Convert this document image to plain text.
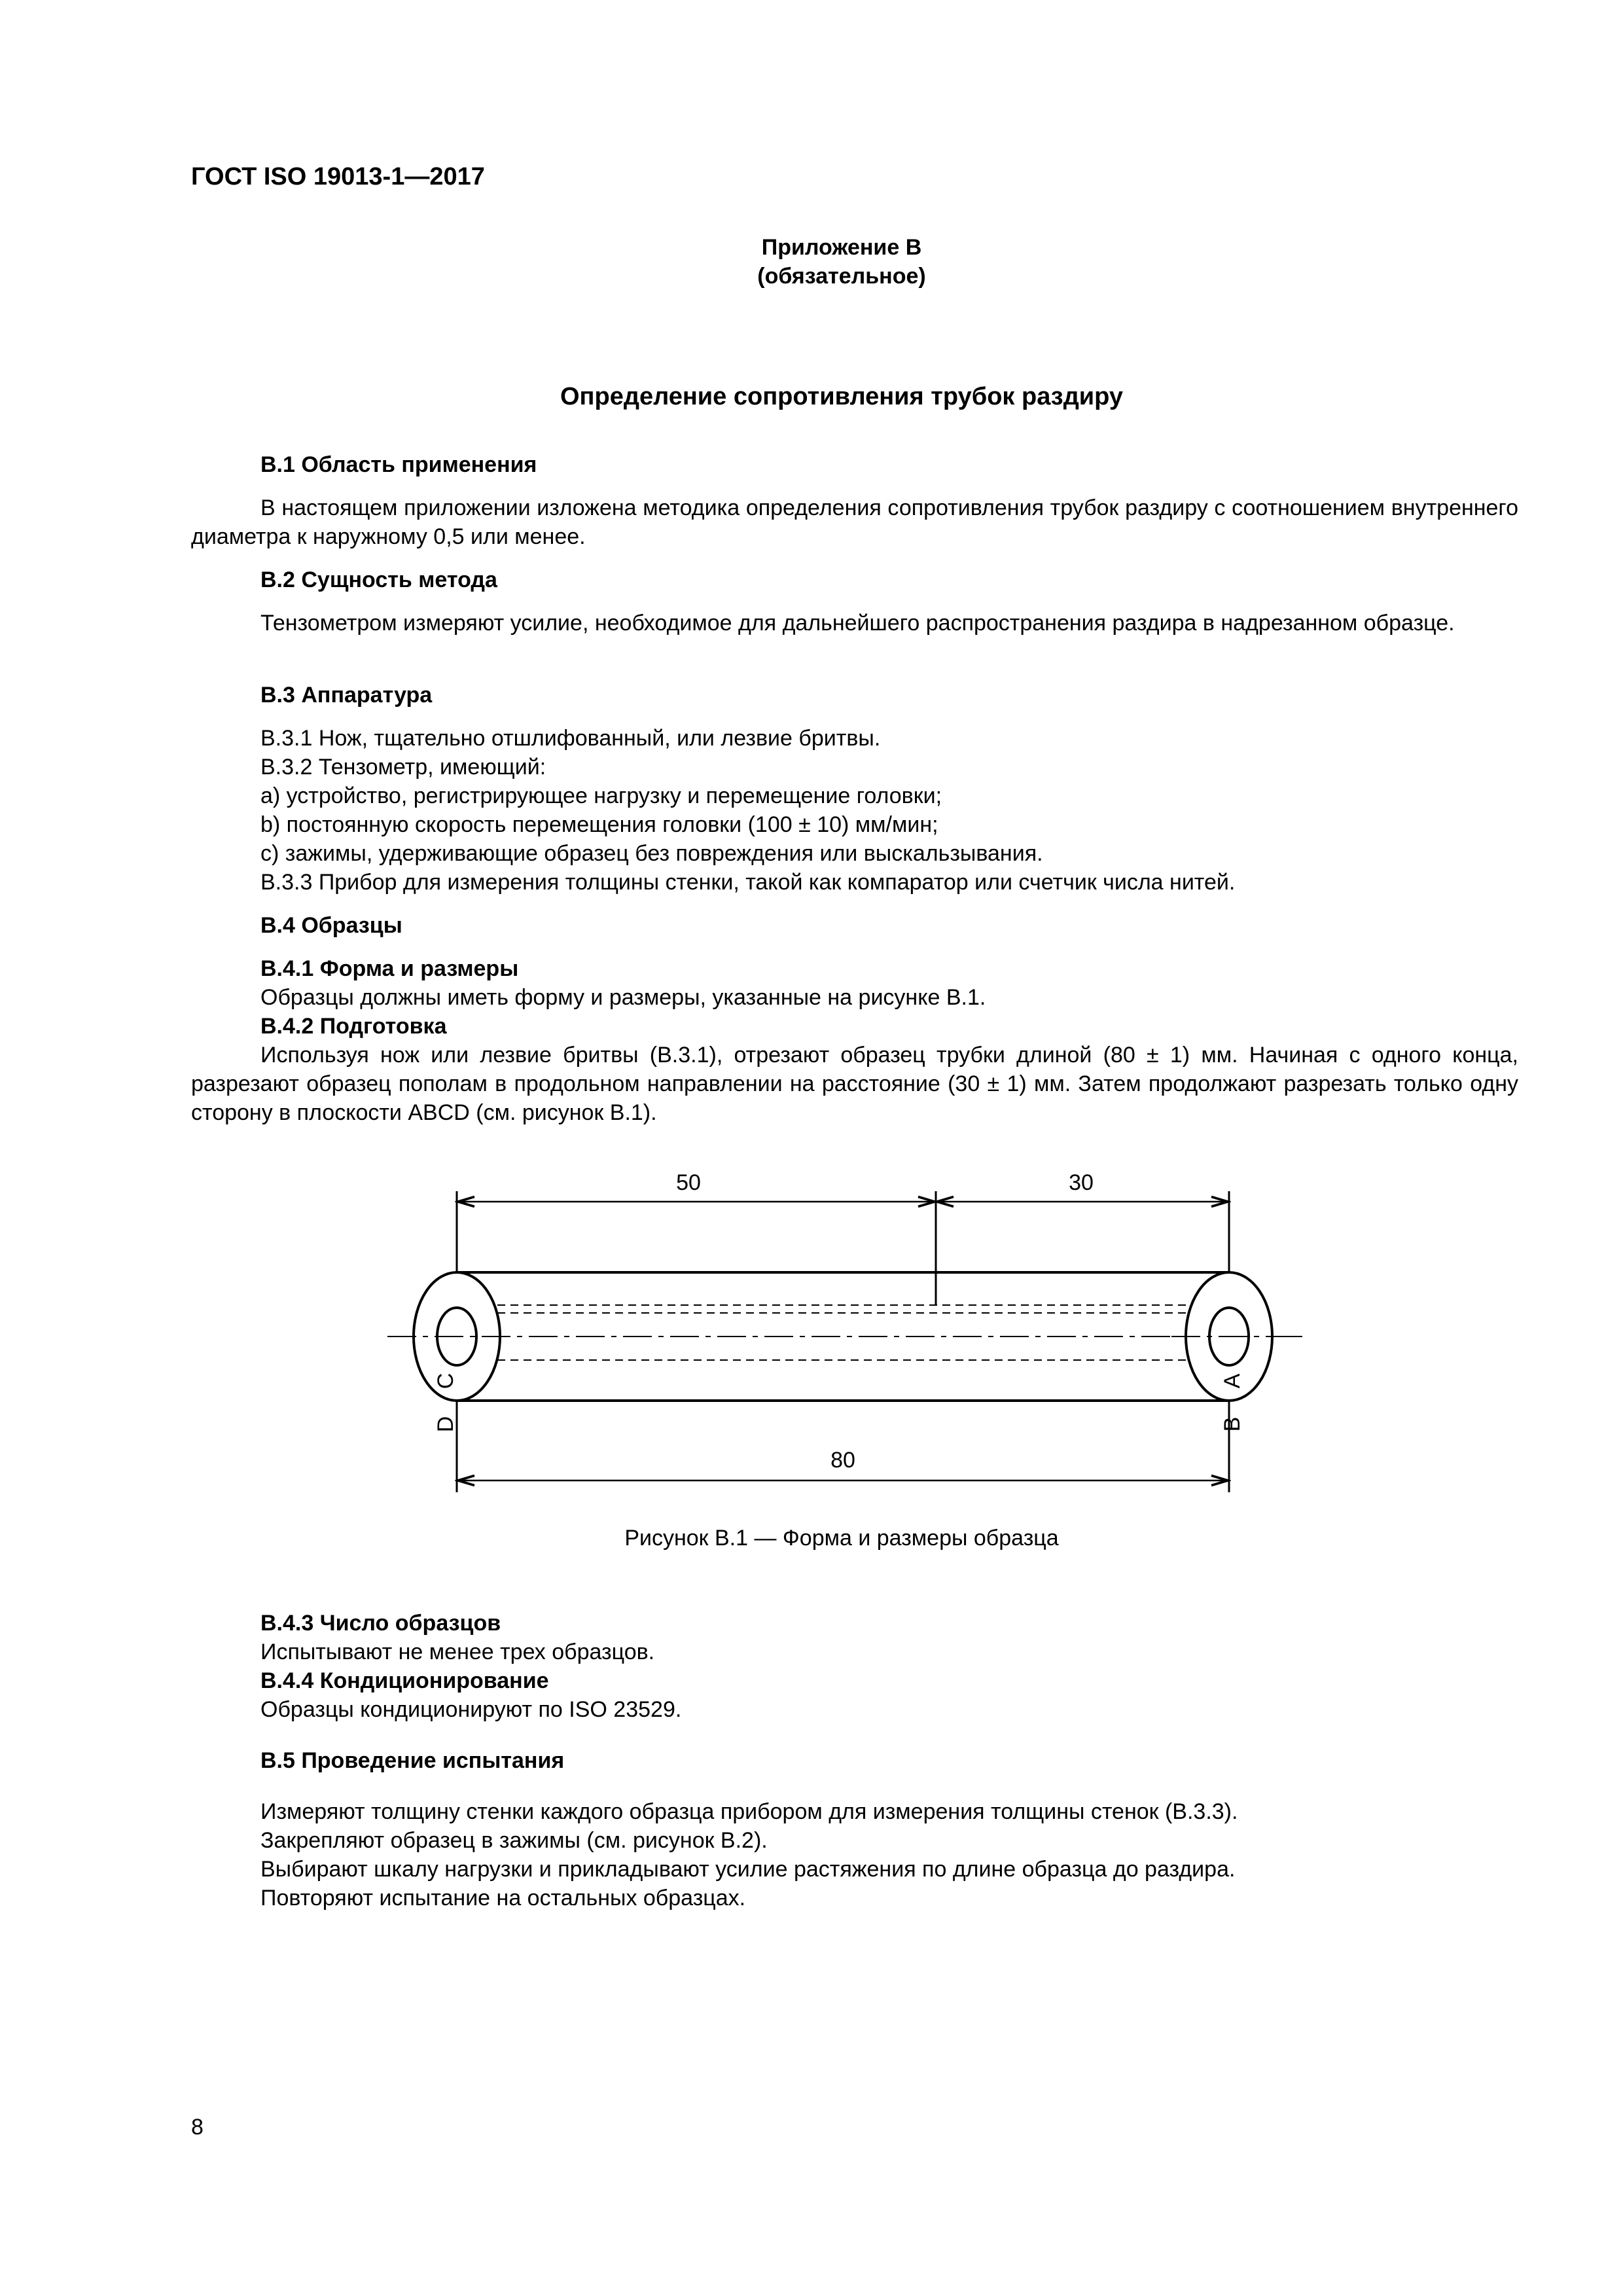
ГОСТ ISO 19013-1—2017
Приложение В
(обязательное)
Определение сопротивления трубок раздиру
В.1 Область применения
В настоящем приложении изложена методика определения сопротивления трубок раздиру с соотношением внутреннего диаметра к наружному 0,5 или менее.
В.2 Сущность метода
Тензометром измеряют усилие, необходимое для дальнейшего распространения раздира в надрезанном образце.
В.3 Аппаратура
В.3.1 Нож, тщательно отшлифованный, или лезвие бритвы.
В.3.2 Тензометр, имеющий:
a) устройство, регистрирующее нагрузку и перемещение головки;
b) постоянную скорость перемещения головки (100 ± 10) мм/мин;
c) зажимы, удерживающие образец без повреждения или выскальзывания.
В.3.3 Прибор для измерения толщины стенки, такой как компаратор или счетчик числа нитей.
В.4 Образцы
В.4.1 Форма и размеры
Образцы должны иметь форму и размеры, указанные на рисунке В.1.
В.4.2 Подготовка
Используя нож или лезвие бритвы (В.3.1), отрезают образец трубки длиной (80 ± 1) мм. Начиная с одного конца, разрезают образец пополам в продольном направлении на расстояние (30 ± 1) мм. Затем продолжают разрезать только одну сторону в плоскости ABCD (см. рисунок В.1).
50	30
80
C
D
A
B
Рисунок В.1 — Форма и размеры образца
В.4.3 Число образцов
Испытывают не менее трех образцов.
В.4.4 Кондиционирование
Образцы кондиционируют по ISO 23529.
В.5 Проведение испытания
Измеряют толщину стенки каждого образца прибором для измерения толщины стенок (В.3.3).
Закрепляют образец в зажимы (см. рисунок В.2).
Выбирают шкалу нагрузки и прикладывают усилие растяжения по длине образца до раздира.
Повторяют испытание на остальных образцах.
8
